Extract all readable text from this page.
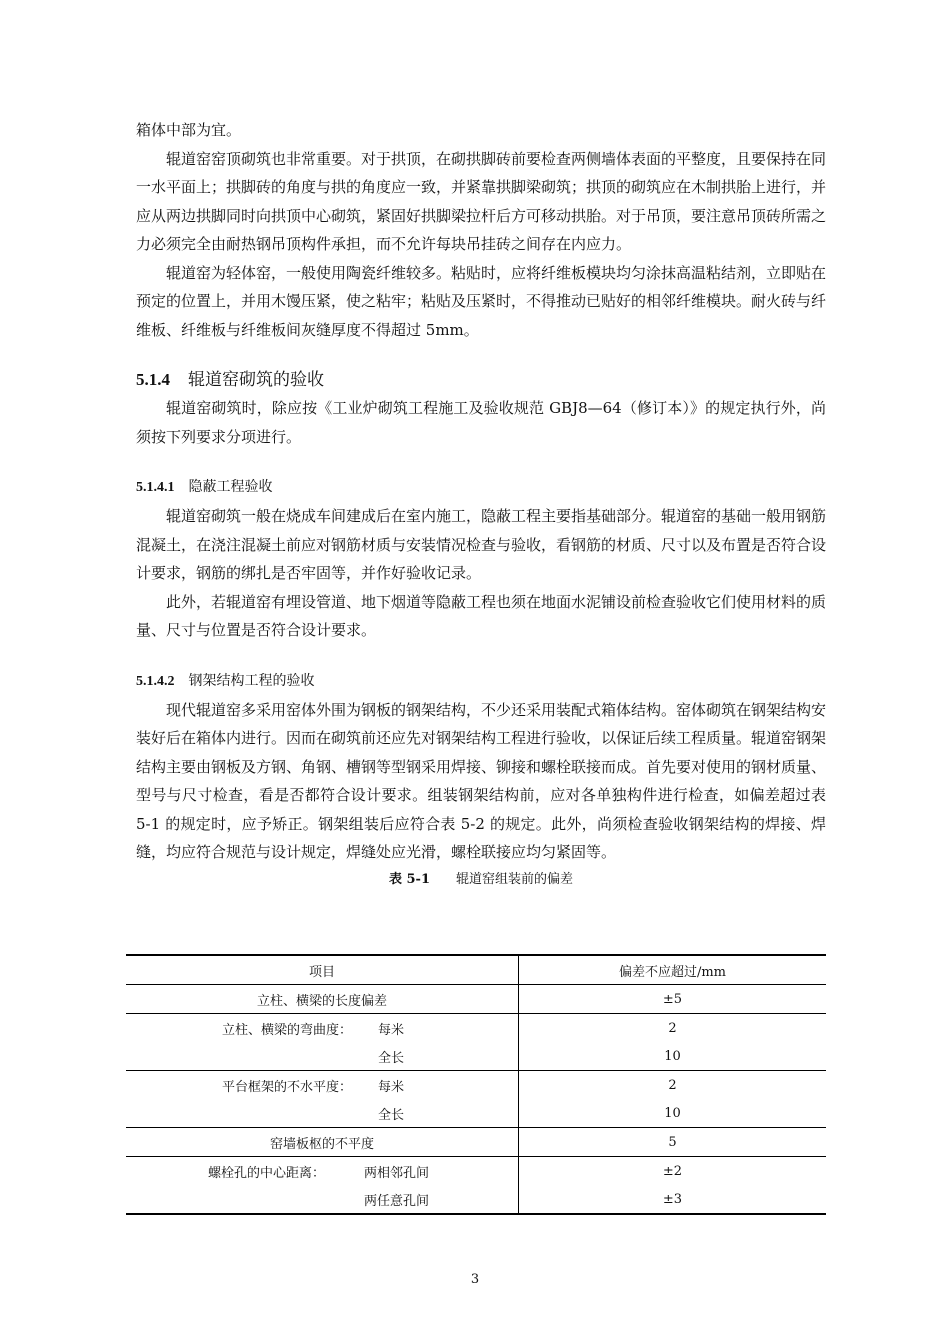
箱体中部为宜。

辊道窑窑顶砌筑也非常重要。对于拱顶，在砌拱脚砖前要检查两侧墙体表面的平整度，且要保持在同一水平面上；拱脚砖的角度与拱的角度应一致，并紧靠拱脚梁砌筑；拱顶的砌筑应在木制拱胎上进行，并应从两边拱脚同时向拱顶中心砌筑，紧固好拱脚梁拉杆后方可移动拱胎。对于吊顶，要注意吊顶砖所需之力必须完全由耐热钢吊顶构件承担，而不允许每块吊挂砖之间存在内应力。

辊道窑为轻体窑，一般使用陶瓷纤维较多。粘贴时，应将纤维板模块均匀涂抹高温粘结剂，立即贴在预定的位置上，并用木馒压紧，使之粘牢；粘贴及压紧时，不得推动已贴好的相邻纤维模块。耐火砖与纤维板、纤维板与纤维板间灰缝厚度不得超过 5mm。

5.1.4 辊道窑砌筑的验收

辊道窑砌筑时，除应按《工业炉砌筑工程施工及验收规范 GBJ8—64（修订本）》的规定执行外，尚须按下列要求分项进行。

5.1.4.1 隐蔽工程验收

辊道窑砌筑一般在烧成车间建成后在室内施工，隐蔽工程主要指基础部分。辊道窑的基础一般用钢筋混凝土，在浇注混凝土前应对钢筋材质与安装情况检查与验收，看钢筋的材质、尺寸以及布置是否符合设计要求，钢筋的绑扎是否牢固等，并作好验收记录。

此外，若辊道窑有埋设管道、地下烟道等隐蔽工程也须在地面水泥铺设前检查验收它们使用材料的质量、尺寸与位置是否符合设计要求。

5.1.4.2 钢架结构工程的验收

现代辊道窑多采用窑体外围为钢板的钢架结构，不少还采用装配式箱体结构。窑体砌筑在钢架结构安装好后在箱体内进行。因而在砌筑前还应先对钢架结构工程进行验收，以保证后续工程质量。辊道窑钢架结构主要由钢板及方钢、角钢、槽钢等型钢采用焊接、铆接和螺栓联接而成。首先要对使用的钢材质量、型号与尺寸检查，看是否都符合设计要求。组装钢架结构前，应对各单独构件进行检查，如偏差超过表 5-1 的规定时，应予矫正。钢架组装后应符合表 5-2 的规定。此外，尚须检查验收钢架结构的焊接、焊缝，均应符合规范与设计规定，焊缝处应光滑，螺栓联接应均匀紧固等。

表 5-1 辊道窑组装前的偏差
项目	偏差不应超过/mm
立柱、横梁的长度偏差	±5
立柱、横梁的弯曲度： 每米	2
全长	10
平台框架的不水平度： 每米	2
全长	10
窑墙板枢的不平度	5
螺栓孔的中心距离： 两相邻孔间	±2
两任意孔间	±3
3
